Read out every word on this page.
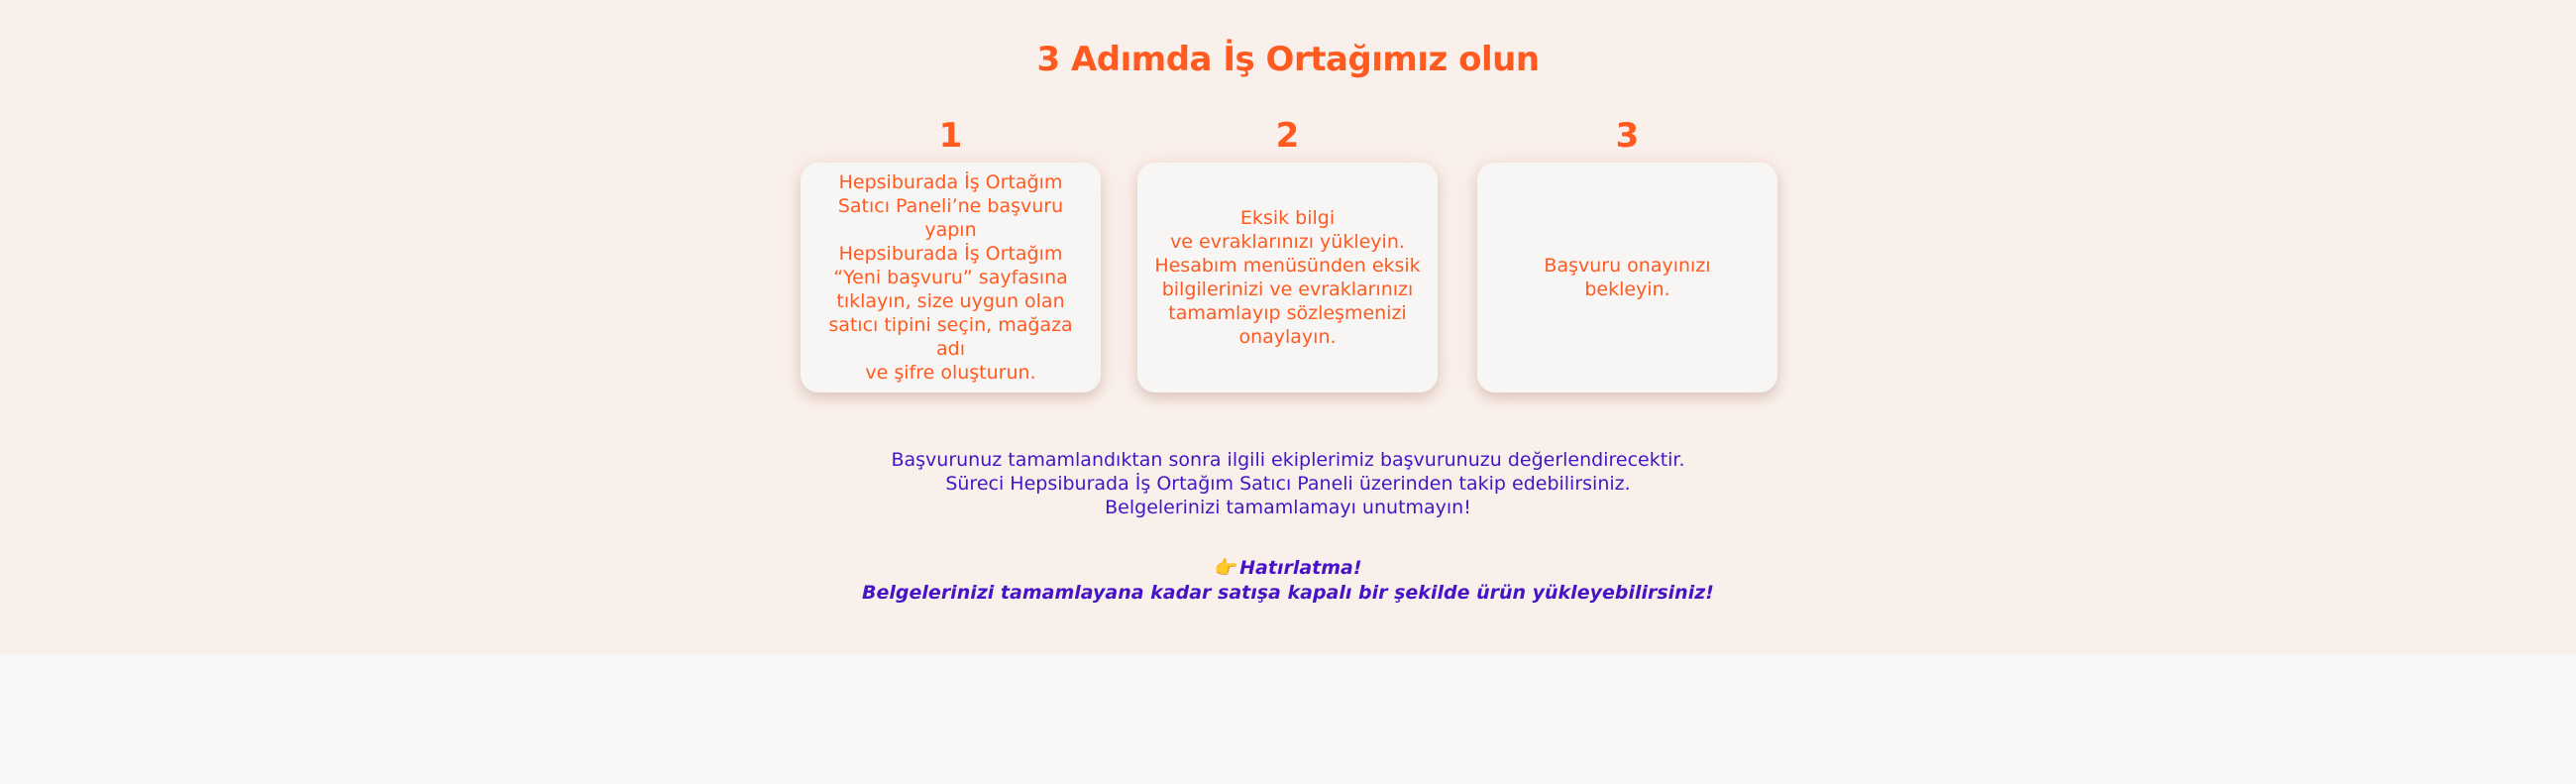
3 Adımda İş Ortağımız olun
1

Hepsiburada İş Ortağım
Satıcı Paneli’ne başvuru yapın
Hepsiburada İş Ortağım
“Yeni başvuru” sayfasına
tıklayın, size uygun olan
satıcı tipini seçin, mağaza adı
ve şifre oluşturun.

2

Eksik bilgi
ve evraklarınızı yükleyin.
Hesabım menüsünden eksik
bilgilerinizi ve evraklarınızı
tamamlayıp sözleşmenizi
onaylayın.

3

Başvuru onayınızı
bekleyin.

Başvurunuz tamamlandıktan sonra ilgili ekiplerimiz başvurunuzu değerlendirecektir.
Süreci Hepsiburada İş Ortağım Satıcı Paneli üzerinden takip edebilirsiniz.
Belgelerinizi tamamlamayı unutmayın!
👉 Hatırlatma!
Belgelerinizi tamamlayana kadar satışa kapalı bir şekilde ürün yükleyebilirsiniz!
